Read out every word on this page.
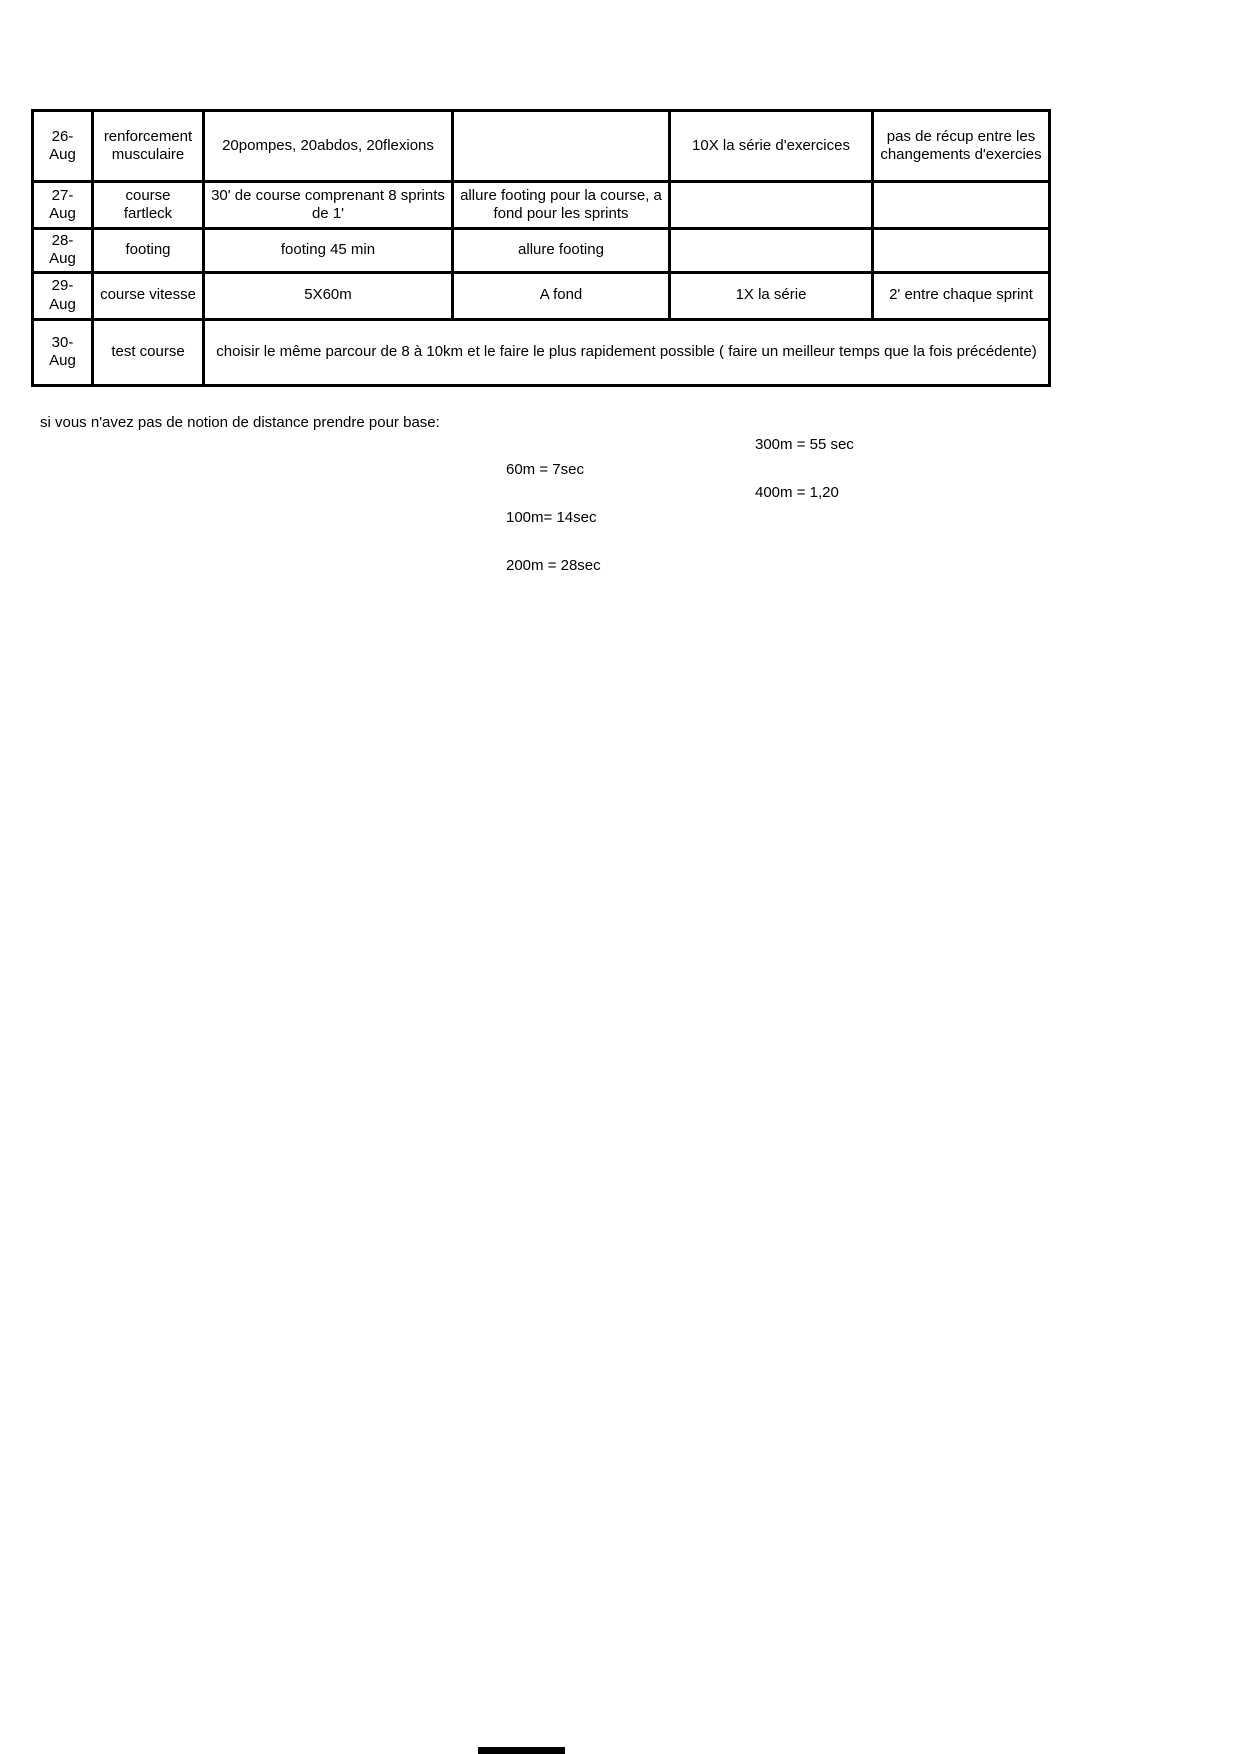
26-Aug	renforcement musculaire	20pompes, 20abdos, 20flexions		10X la série d'exercices	pas de récup entre les changements d'exercies
27-Aug	course fartleck	30' de course comprenant 8 sprints de 1'	allure footing pour la course, a fond pour les sprints		
28-Aug	footing	footing 45 min	allure footing		
29-Aug	course vitesse	5X60m	A fond	1X la série	2' entre chaque sprint
30-Aug	test course	choisir le même parcour de 8 à 10km et le faire le plus rapidement possible ( faire un meilleur temps que la fois précédente)			
si vous n'avez pas de notion de distance prendre pour base:

300m = 55 sec

400m = 1,20

60m = 7sec

100m= 14sec

200m = 28sec
